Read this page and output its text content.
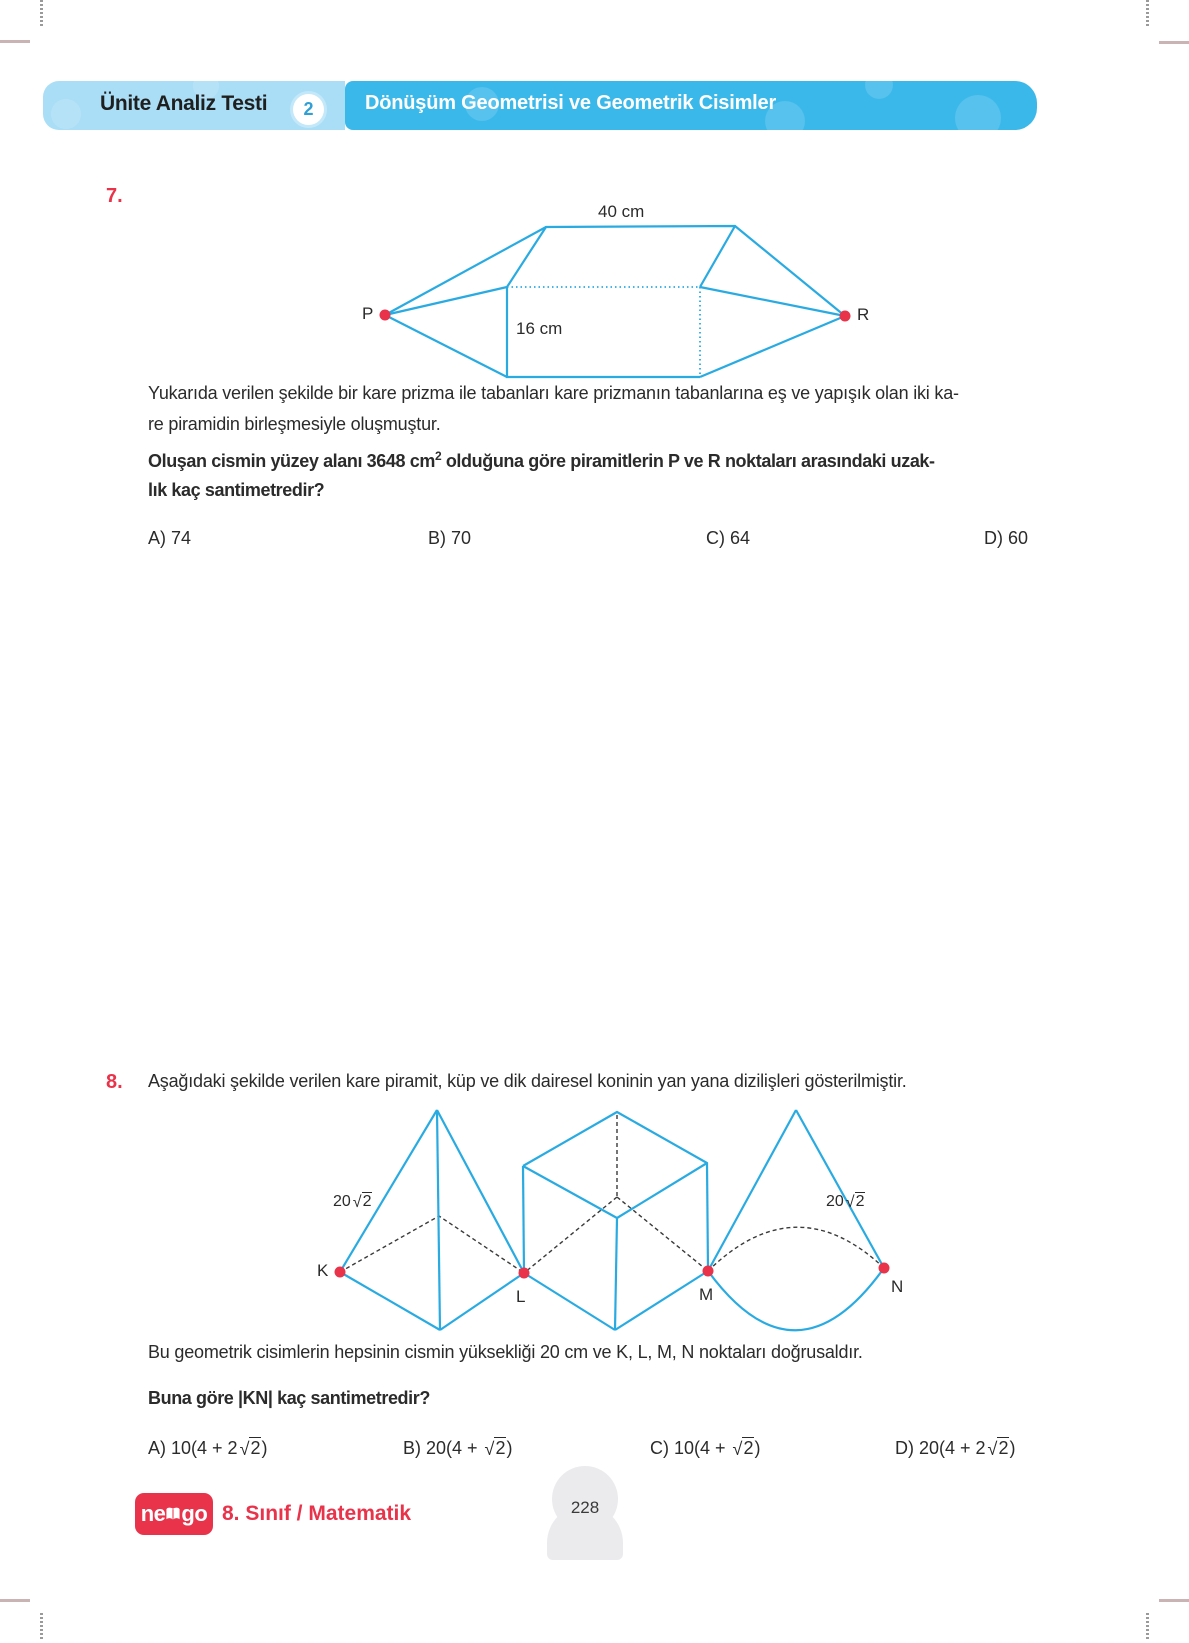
Ünite Analiz Testi 2	Dönüşüm Geometrisi ve Geometrik Cisimler
7.
40 cm
16 cm
P	R
Yukarıda verilen şekilde bir kare prizma ile tabanları kare prizmanın tabanlarına eş ve yapışık olan iki ka-
re piramidin birleşmesiyle oluşmuştur.
Oluşan cismin yüzey alanı 3648 $cm^2$ olduğuna göre piramitlerin P ve R noktaları arasındaki uzak-
lık kaç santimetredir?
A) 74	B) 70	C) 64	D) 60
8. Aşağıdaki şekilde verilen kare piramit, küp ve dik dairesel koninin yan yana dizilişleri gösterilmiştir.
K
L	M	N
20 √2	20 √2
Bu geometrik cisimlerin hepsinin cismin yüksekliği 20 cm ve K, L, M, N noktaları doğrusaldır.
Buna göre |KN| kaç santimetredir?
A) 10(4 + 2 √2)	B) 20(4 + √2)	C) 10(4 + √2)	D) 20(4 + 2 √2)
ne go 8. Sınıf / Matematik	228
